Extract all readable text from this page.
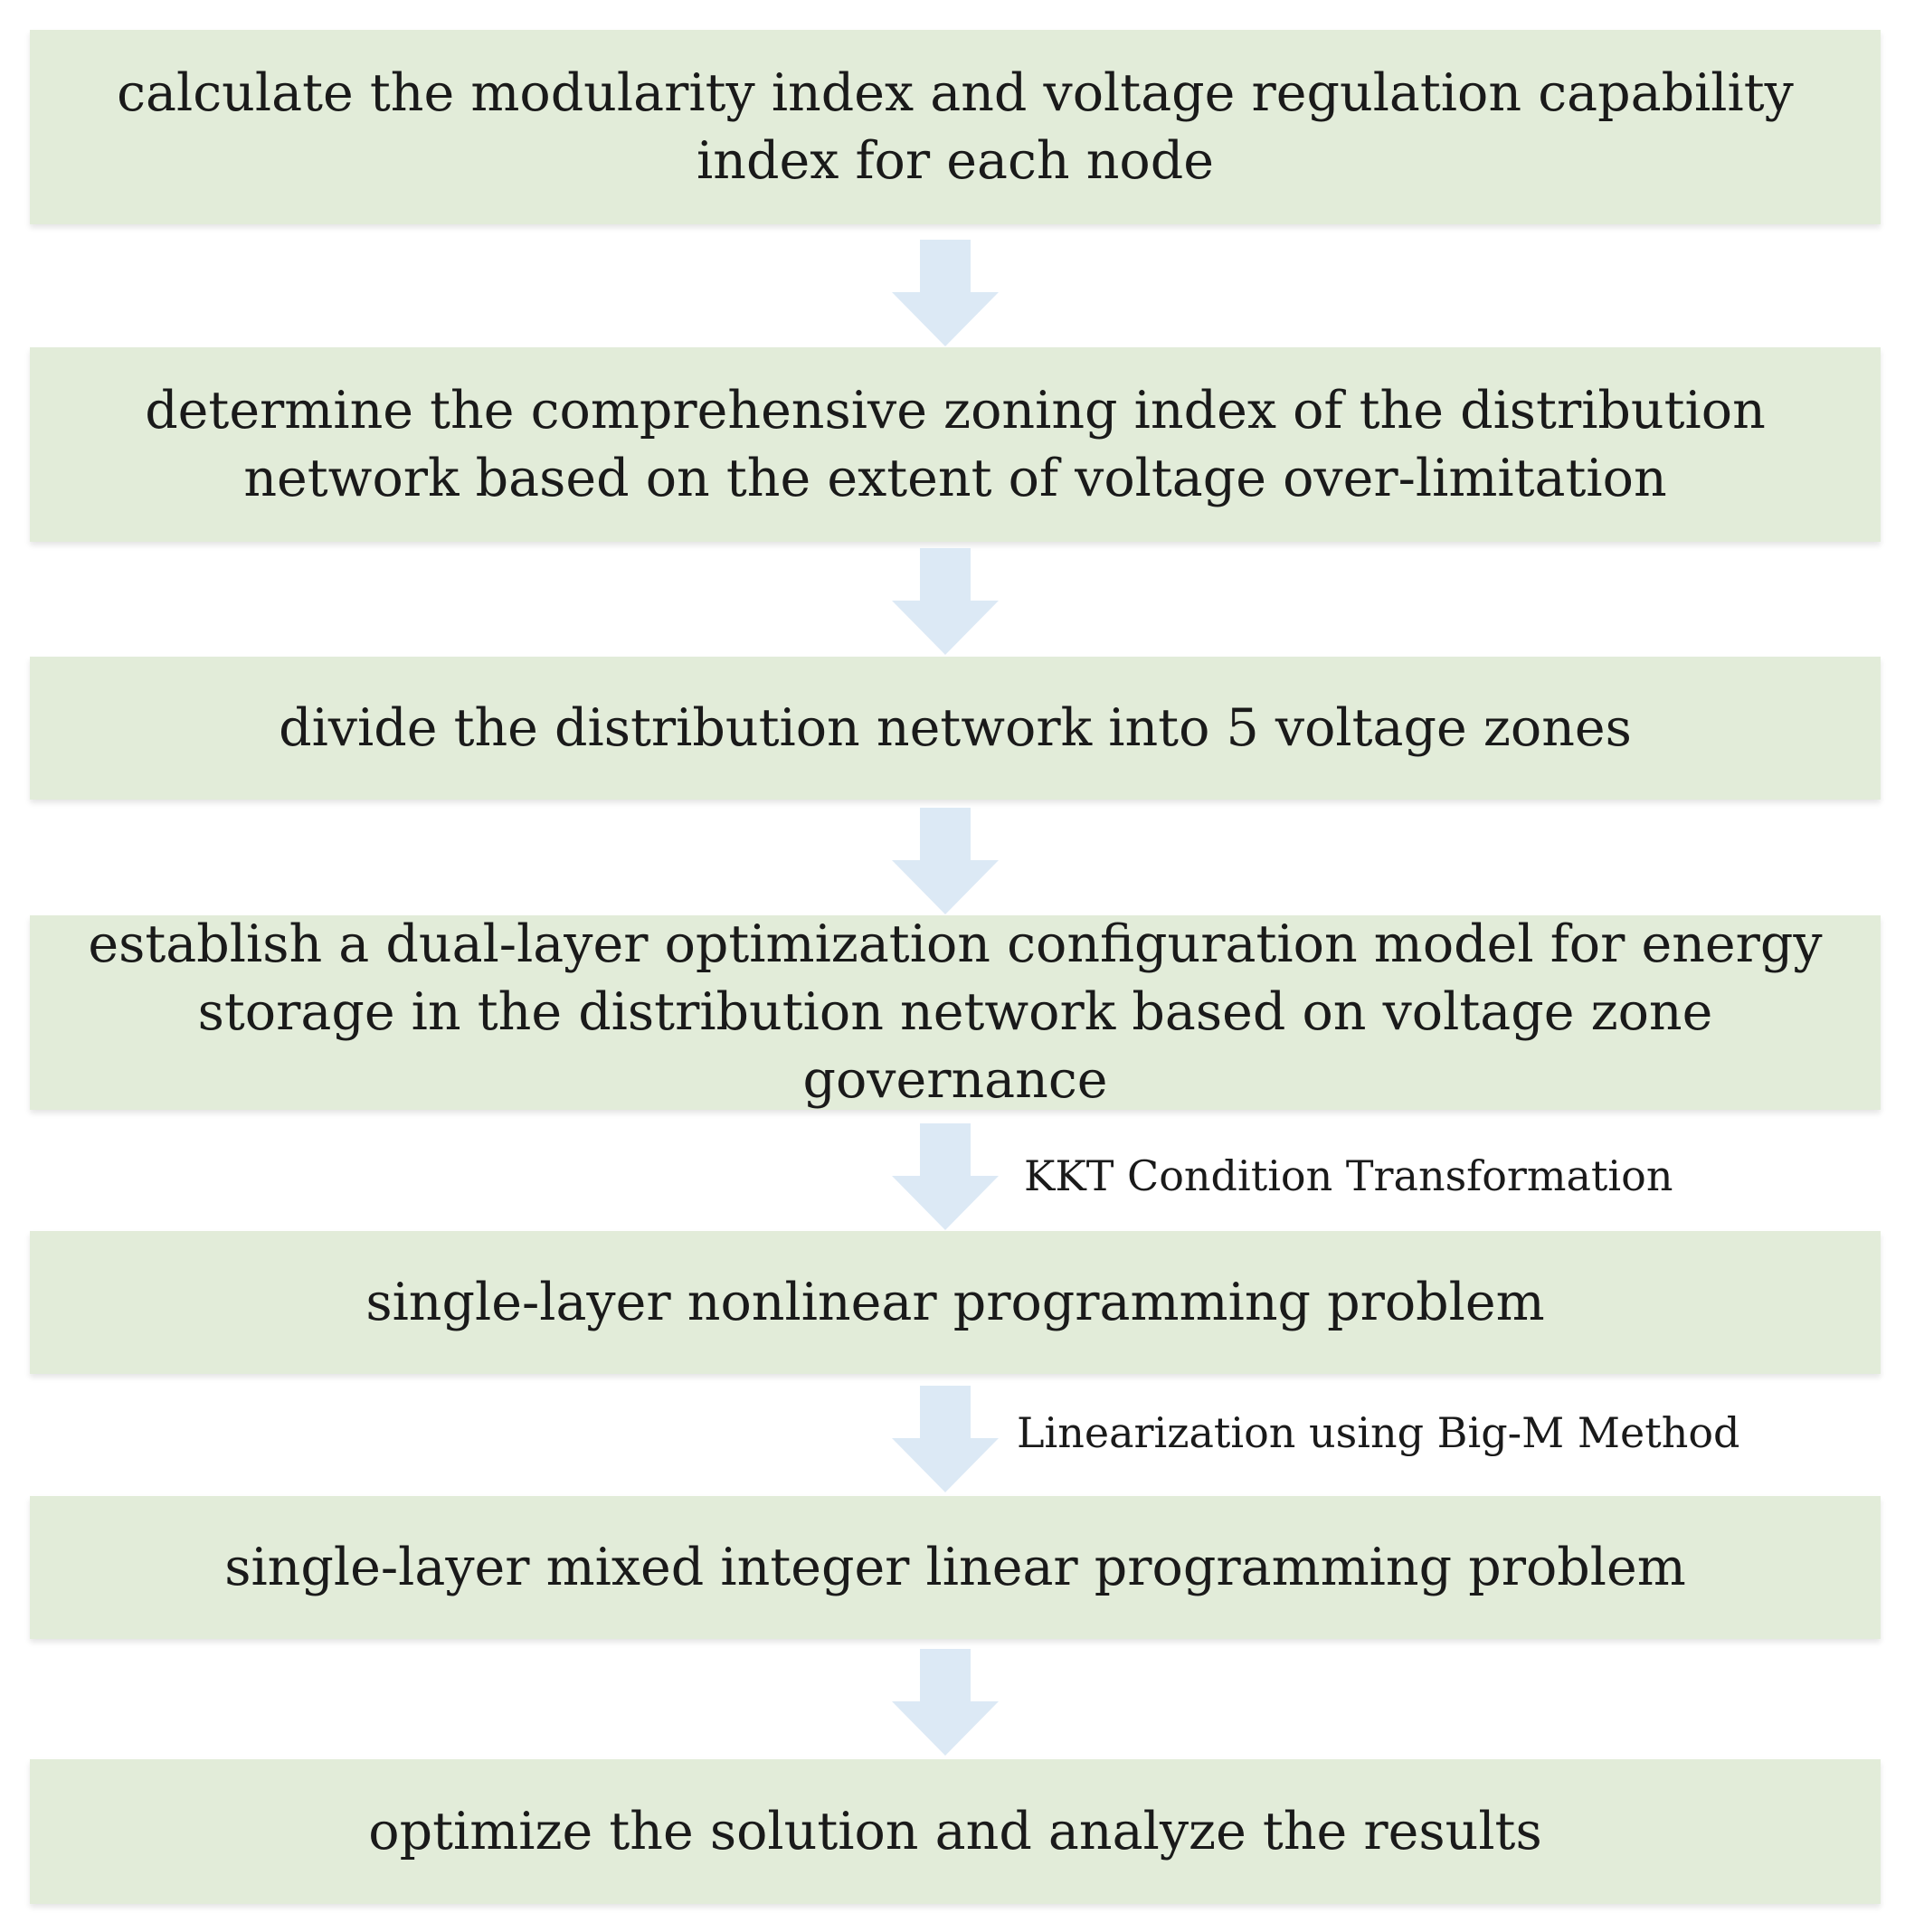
calculate the modularity index and voltage regulation capability index for each node
determine the comprehensive zoning index of the distribution network based on the extent of voltage over-limitation
divide the distribution network into 5 voltage zones
establish a dual-layer optimization configuration model for energy storage in the distribution network based on voltage zone governance
KKT Condition Transformation
single-layer nonlinear programming problem
Linearization using Big-M Method
single-layer mixed integer linear programming problem
optimize the solution and analyze the results
